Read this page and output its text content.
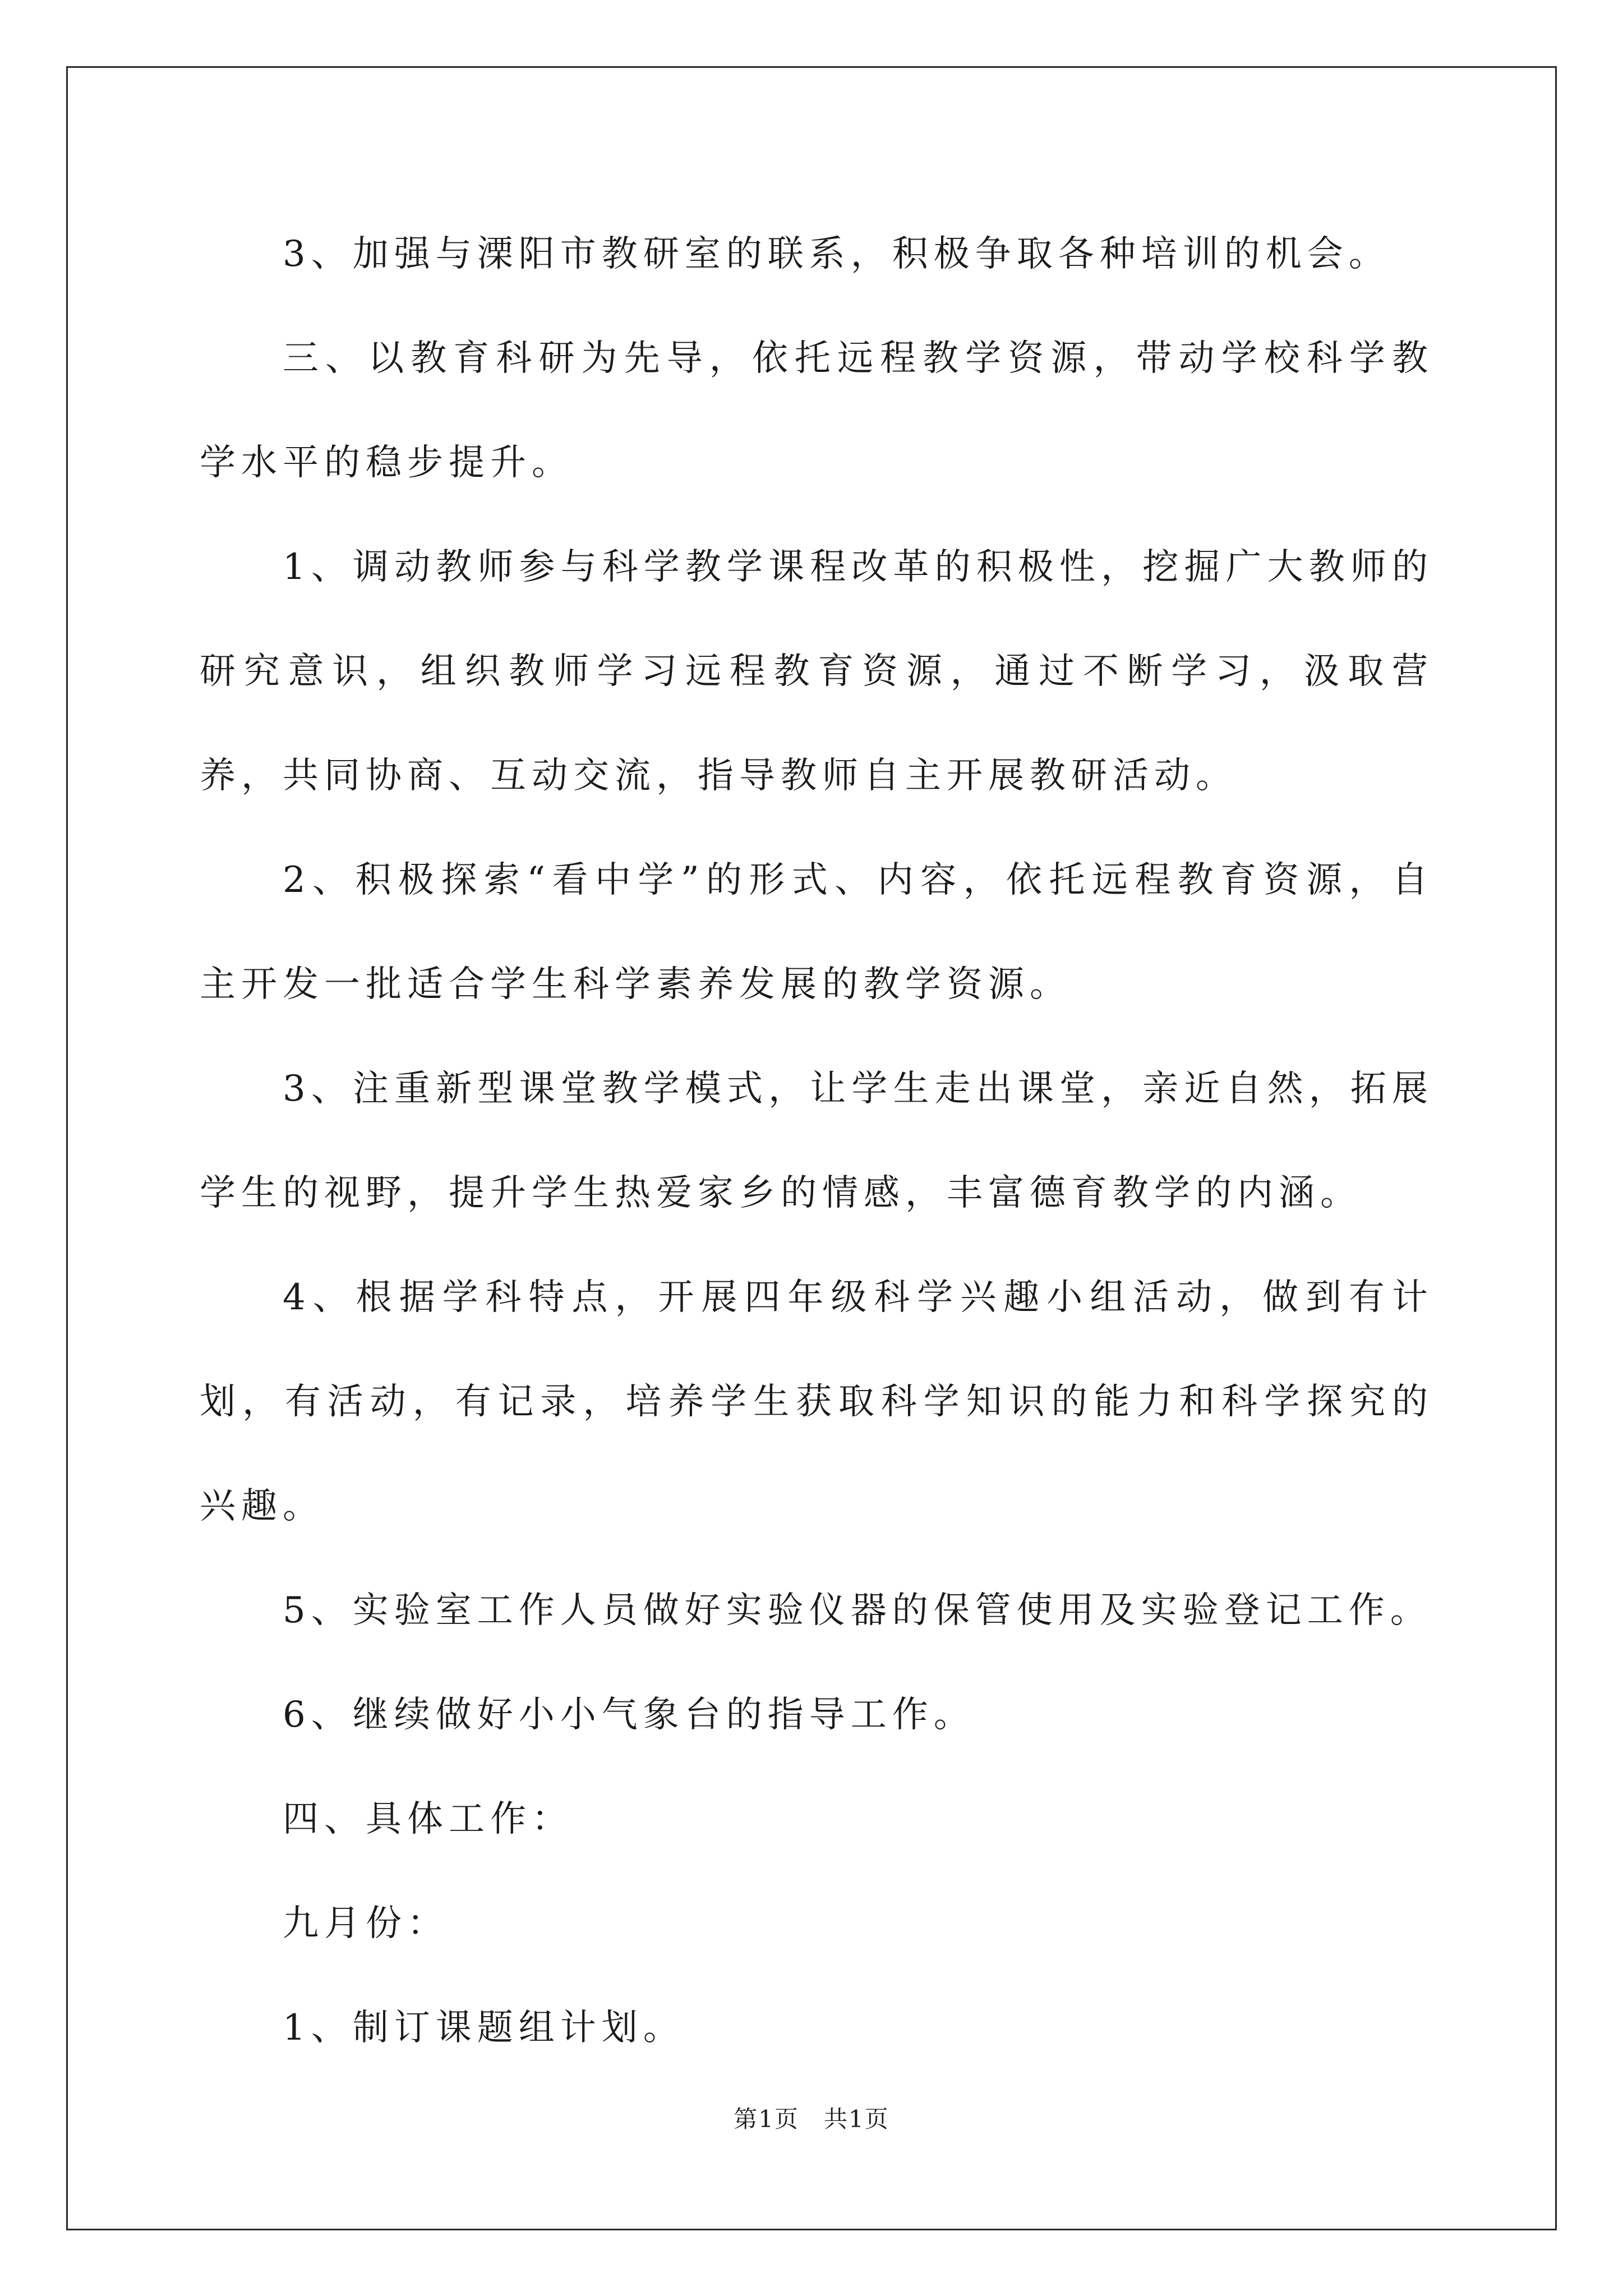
3、加强与溧阳市教研室的联系，积极争取各种培训的机会。

三、以教育科研为先导，依托远程教学资源，带动学校科学教学水平的稳步提升。

1、调动教师参与科学教学课程改革的积极性，挖掘广大教师的研究意识，组织教师学习远程教育资源，通过不断学习，汲取营养，共同协商、互动交流，指导教师自主开展教研活动。

2、积极探索“看中学”的形式、内容，依托远程教育资源，自主开发一批适合学生科学素养发展的教学资源。

3、注重新型课堂教学模式，让学生走出课堂，亲近自然，拓展学生的视野，提升学生热爱家乡的情感，丰富德育教学的内涵。

4、根据学科特点，开展四年级科学兴趣小组活动，做到有计划，有活动，有记录，培养学生获取科学知识的能力和科学探究的兴趣。

5、实验室工作人员做好实验仪器的保管使用及实验登记工作。

6、继续做好小小气象台的指导工作。

四、具体工作：

九月份：

1、制订课题组计划。

第1页 共1页
